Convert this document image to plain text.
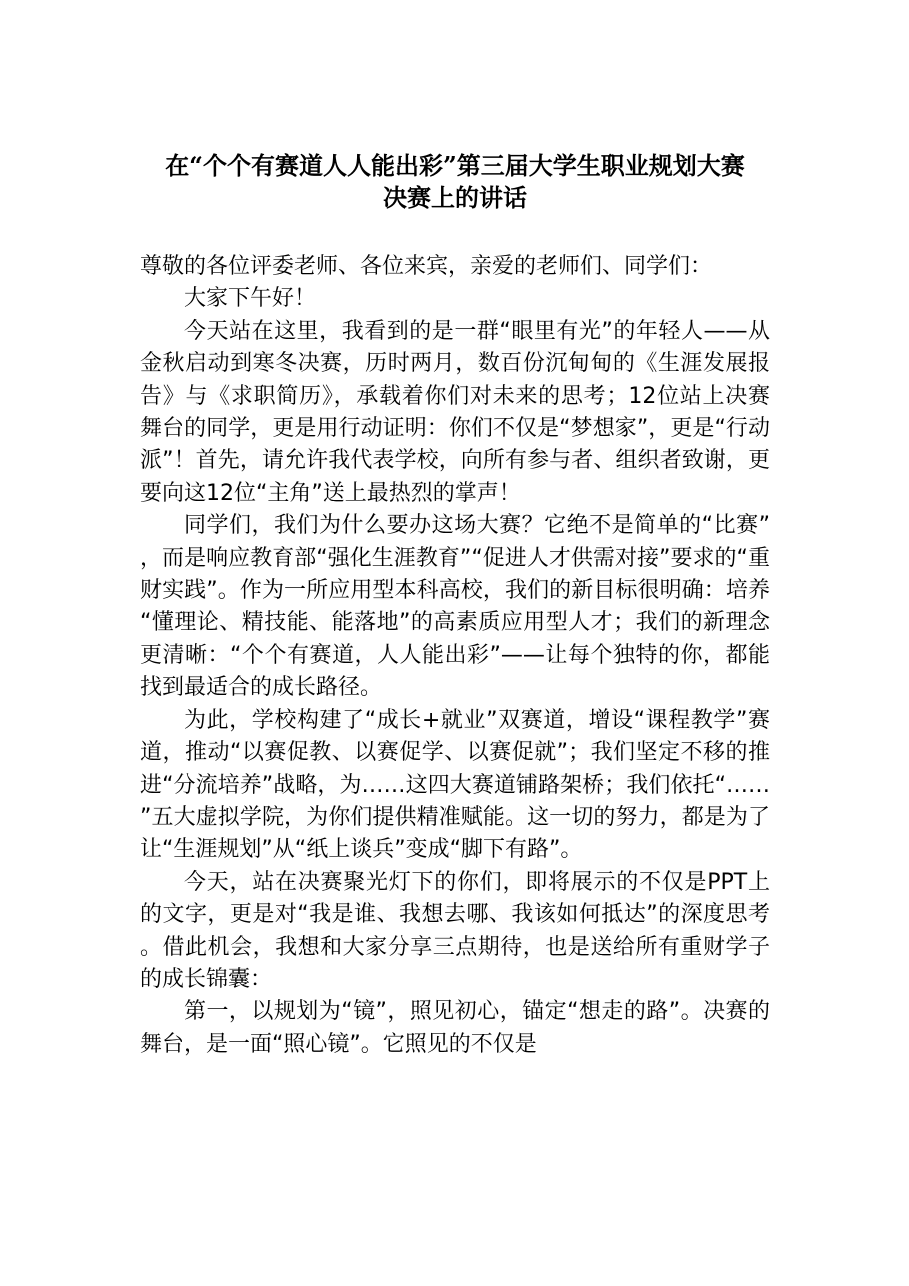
在“个个有赛道人人能出彩”第三届大学生职业规划大赛
决赛上的讲话

尊敬的各位评委老师、各位来宾，亲爱的老师们、同学们：

大家下午好！

今天站在这里，我看到的是一群“眼里有光”的年轻人——从金秋启动到寒冬决赛，历时两月，数百份沉甸甸的《生涯发展报告》与《求职简历》，承载着你们对未来的思考；12位站上决赛舞台的同学，更是用行动证明：你们不仅是“梦想家”，更是“行动派”！首先，请允许我代表学校，向所有参与者、组织者致谢，更要向这12位“主角”送上最热烈的掌声！

同学们，我们为什么要办这场大赛？它绝不是简单的“比赛”，而是响应教育部“强化生涯教育”“促进人才供需对接”要求的“重财实践”。作为一所应用型本科高校，我们的新目标很明确：培养“懂理论、精技能、能落地”的高素质应用型人才；我们的新理念更清晰：“个个有赛道，人人能出彩”——让每个独特的你，都能找到最适合的成长路径。

为此，学校构建了“成长+就业”双赛道，增设“课程教学”赛道，推动“以赛促教、以赛促学、以赛促就”；我们坚定不移的推进“分流培养”战略，为……这四大赛道铺路架桥；我们依托“……”五大虚拟学院，为你们提供精准赋能。这一切的努力，都是为了让“生涯规划”从“纸上谈兵”变成“脚下有路”。

今天，站在决赛聚光灯下的你们，即将展示的不仅是PPT上的文字，更是对“我是谁、我想去哪、我该如何抵达”的深度思考。借此机会，我想和大家分享三点期待，也是送给所有重财学子的成长锦囊：

第一，以规划为“镜”，照见初心，锚定“想走的路”。决赛的舞台，是一面“照心镜”。它照见的不仅是
